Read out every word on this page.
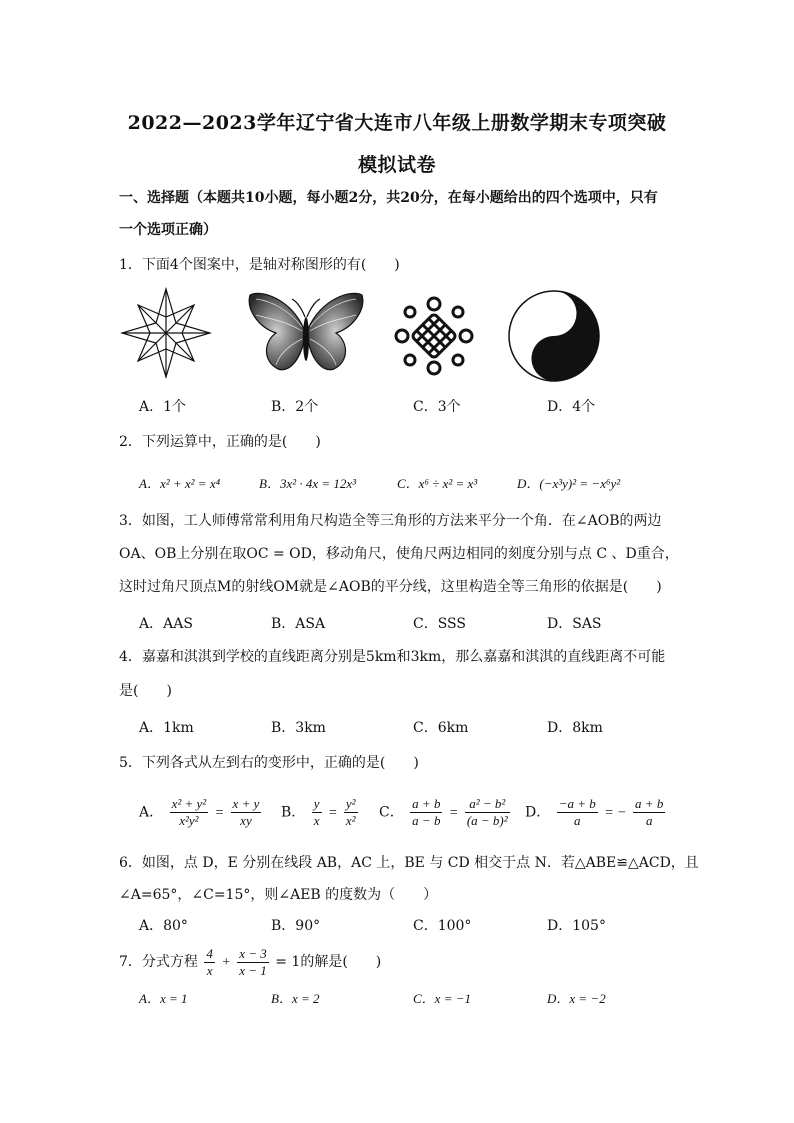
2022—2023学年辽宁省大连市八年级上册数学期末专项突破
模拟试卷
一、选择题（本题共10小题，每小题2分，共20分，在每小题给出的四个选项中，只有
一个选项正确）
1．下面4个图案中，是轴对称图形的有(　　)
A．1个	B．2个	C．3个	D．4个
2．下列运算中，正确的是(　　)
A．x² + x² = x⁴	B．3x² · 4x = 12x³	C．x⁶ ÷ x² = x³	D．(−x³y)² = −x⁶y²
3．如图，工人师傅常常利用角尺构造全等三角形的方法来平分一个角．在∠AOB的两边
OA、OB上分别在取OC = OD，移动角尺，使角尺两边相同的刻度分别与点 C 、D重合，
这时过角尺顶点M的射线OM就是∠AOB的平分线，这里构造全等三角形的依据是(　　)
A．AAS	B．ASA	C．SSS	D．SAS
4．嘉嘉和淇淇到学校的直线距离分别是5km和3km，那么嘉嘉和淇淇的直线距离不可能
是(　　)
A．1km	B．3km	C．6km	D．8km
5．下列各式从左到右的变形中，正确的是(　　)
A． $\frac{\text{x² + y²}}{\text{x²y²}} = \frac{x + y}{xy}$ B． $\frac{y}{x} = \frac{\text{y²}}{\text{x²}}$ C． $\frac{a + b}{a - b} = \frac{\text{a² − b²}}{\text{(a − b)²}}$ D． $\frac{-a + b}{a}$ = − $\frac{a + b}{a}$
6．如图，点 D，E 分别在线段 AB，AC 上，BE 与 CD 相交于点 N．若△ABE≌△ACD，且
∠A=65°，∠C=15°，则∠AEB 的度数为（　　）
A．80°	B．90°	C．100°	D．105°
7．分式方程 $\frac{4}{x} + \frac{x - 3}{x - 1} = 1$的解是(　　)
A．x = 1	B．x = 2	C．x = −1	D．x = −2
